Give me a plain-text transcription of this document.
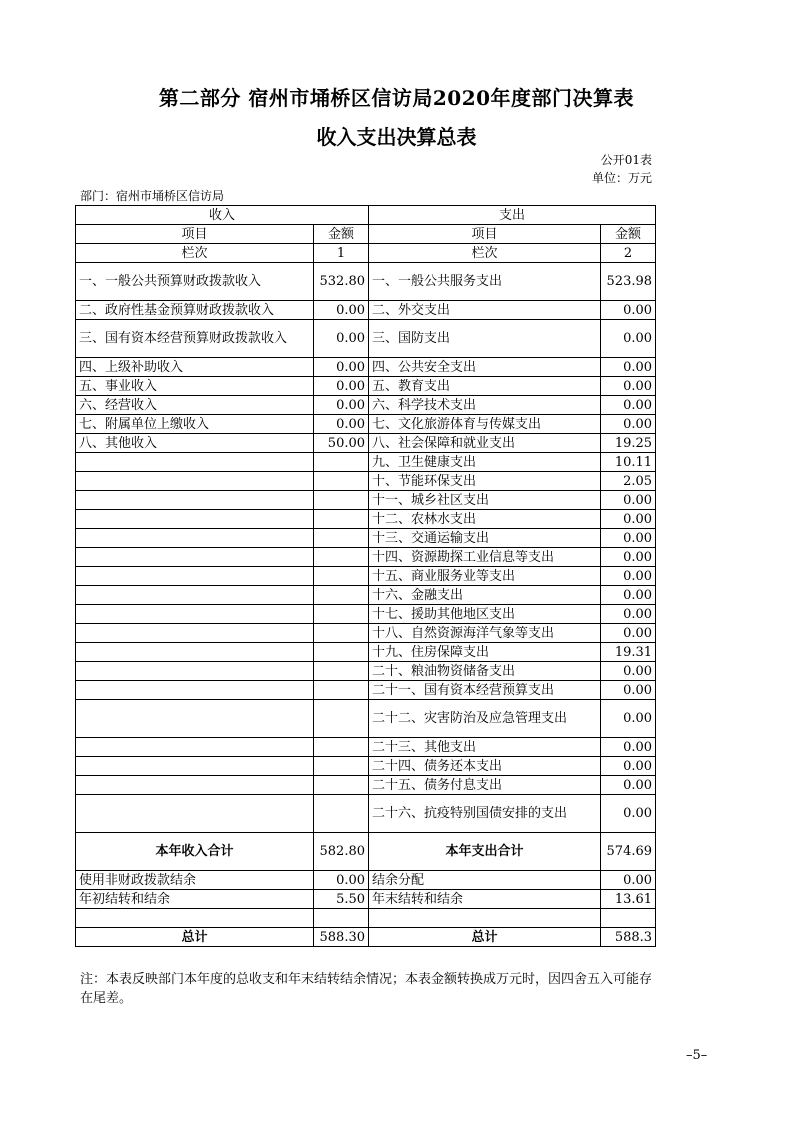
第二部分 宿州市埇桥区信访局2020年度部门决算表
收入支出决算总表
公开01表
单位：万元
部门：宿州市埇桥区信访局
收入		支出	
项目	金额	项目	金额
栏次	1	栏次	2
一、一般公共预算财政拨款收入	532.80	一、一般公共服务支出	523.98
二、政府性基金预算财政拨款收入	0.00	二、外交支出	0.00
三、国有资本经营预算财政拨款收入	0.00	三、国防支出	0.00
四、上级补助收入	0.00	四、公共安全支出	0.00
五、事业收入	0.00	五、教育支出	0.00
六、经营收入	0.00	六、科学技术支出	0.00
七、附属单位上缴收入	0.00	七、文化旅游体育与传媒支出	0.00
八、其他收入	50.00	八、社会保障和就业支出	19.25
		九、卫生健康支出	10.11
		十、节能环保支出	2.05
		十一、城乡社区支出	0.00
		十二、农林水支出	0.00
		十三、交通运输支出	0.00
		十四、资源勘探工业信息等支出	0.00
		十五、商业服务业等支出	0.00
		十六、金融支出	0.00
		十七、援助其他地区支出	0.00
		十八、自然资源海洋气象等支出	0.00
		十九、住房保障支出	19.31
		二十、粮油物资储备支出	0.00
		二十一、国有资本经营预算支出	0.00
		二十二、灾害防治及应急管理支出	0.00
		二十三、其他支出	0.00
		二十四、债务还本支出	0.00
		二十五、债务付息支出	0.00
		二十六、抗疫特别国债安排的支出	0.00
本年收入合计	582.80	本年支出合计	574.69
使用非财政拨款结余	0.00	结余分配	0.00
年初结转和结余	5.50	年末结转和结余	13.61

总计	588.30	总计	588.3
注：本表反映部门本年度的总收支和年末结转结余情况；本表金额转换成万元时，因四舍五入可能存在尾差。
–5–
